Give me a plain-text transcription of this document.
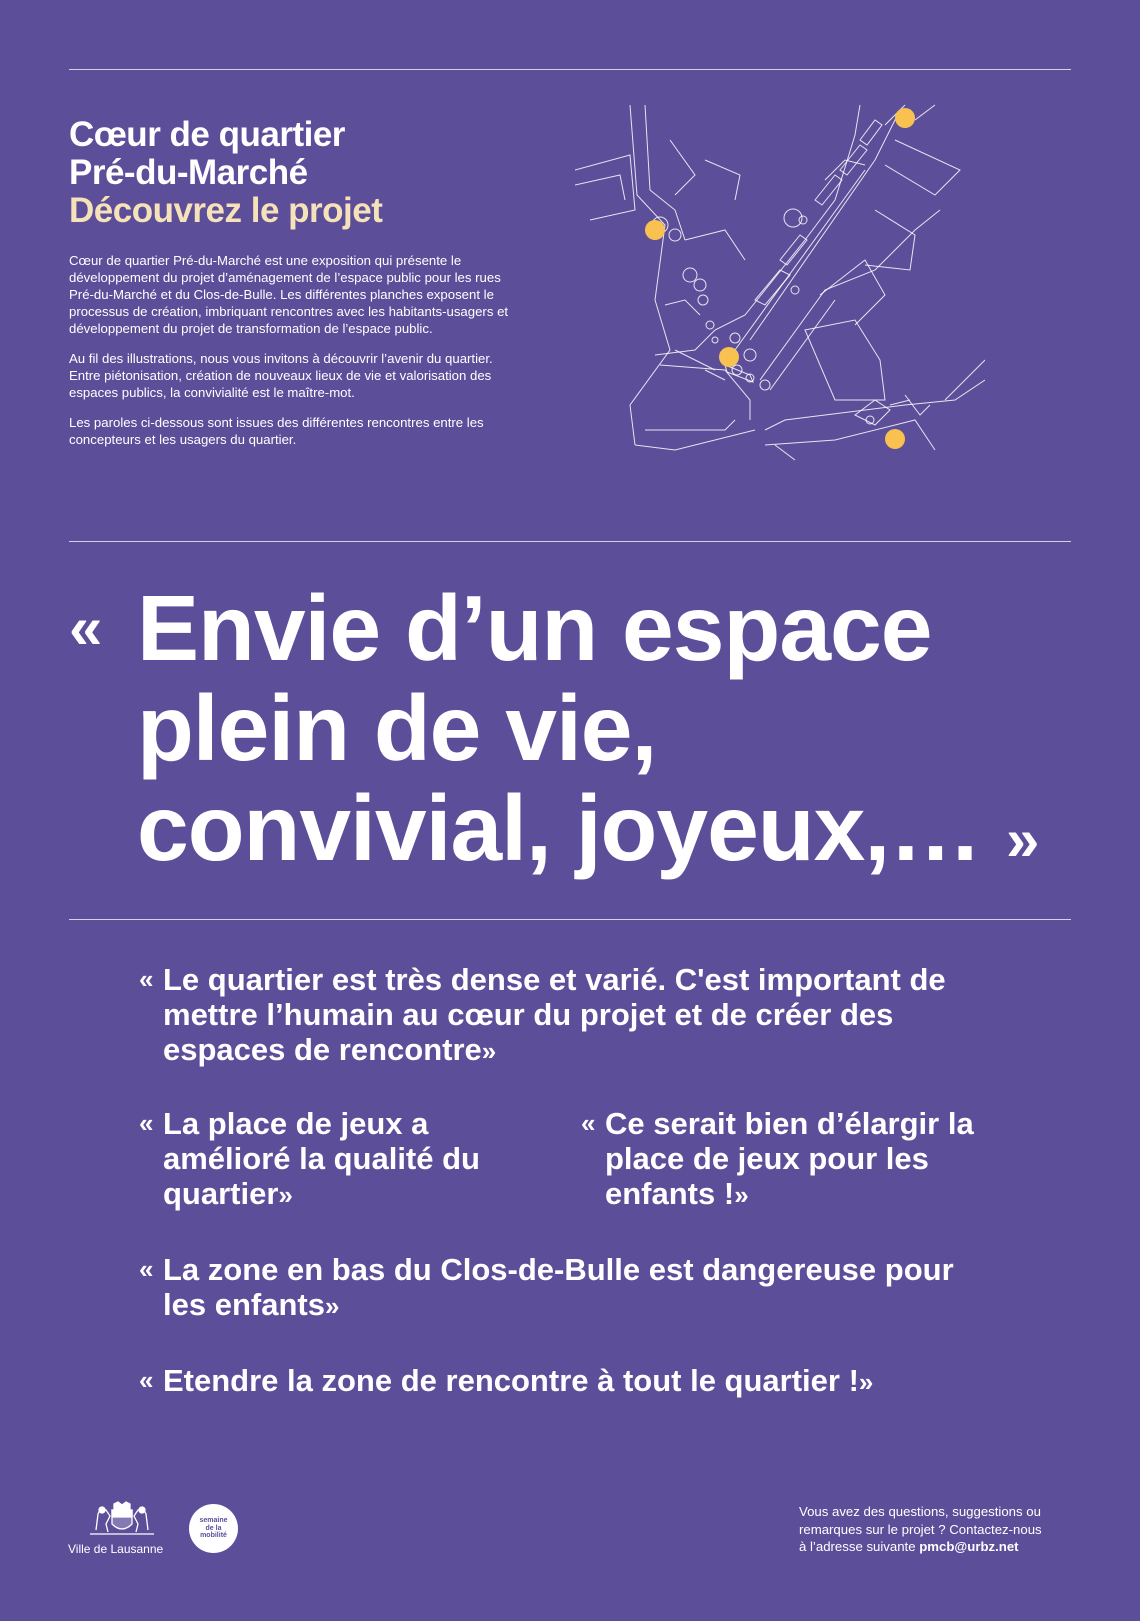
Cœur de quartier
Pré-du-Marché
Découvrez le projet

Cœur de quartier Pré-du-Marché est une exposition qui présente le développement du projet d’aménagement de l’espace public pour les rues Pré-du-Marché et du Clos-de-Bulle. Les différentes planches exposent le processus de création, imbriquant rencontres avec les habitants-usagers et développement du projet de transformation de l’espace public.

Au fil des illustrations, nous vous invitons à découvrir l’avenir du quartier. Entre piétonisation, création de nouveaux lieux de vie et valorisation des espaces publics, la convivialité est le maître-mot.

Les paroles ci-dessous sont issues des différentes rencontres entre les concepteurs et les usagers du quartier.

« Envie d’un espace
plein de vie,
convivial, joyeux,… »
« Le quartier est très dense et varié. C'est important de mettre l’humain au cœur du projet et de créer des espaces de rencontre»
« La place de jeux a amélioré la qualité du quartier»
« Ce serait bien d’élargir la place de jeux pour les enfants !»
« La zone en bas du Clos-de-Bulle est dangereuse pour les enfants»
« Etendre la zone de rencontre à tout le quartier !»
Ville de Lausanne
semaine
de la
mobilité
Vous avez des questions, suggestions ou
remarques sur le projet ? Contactez-nous
à l’adresse suivante pmcb@urbz.net
